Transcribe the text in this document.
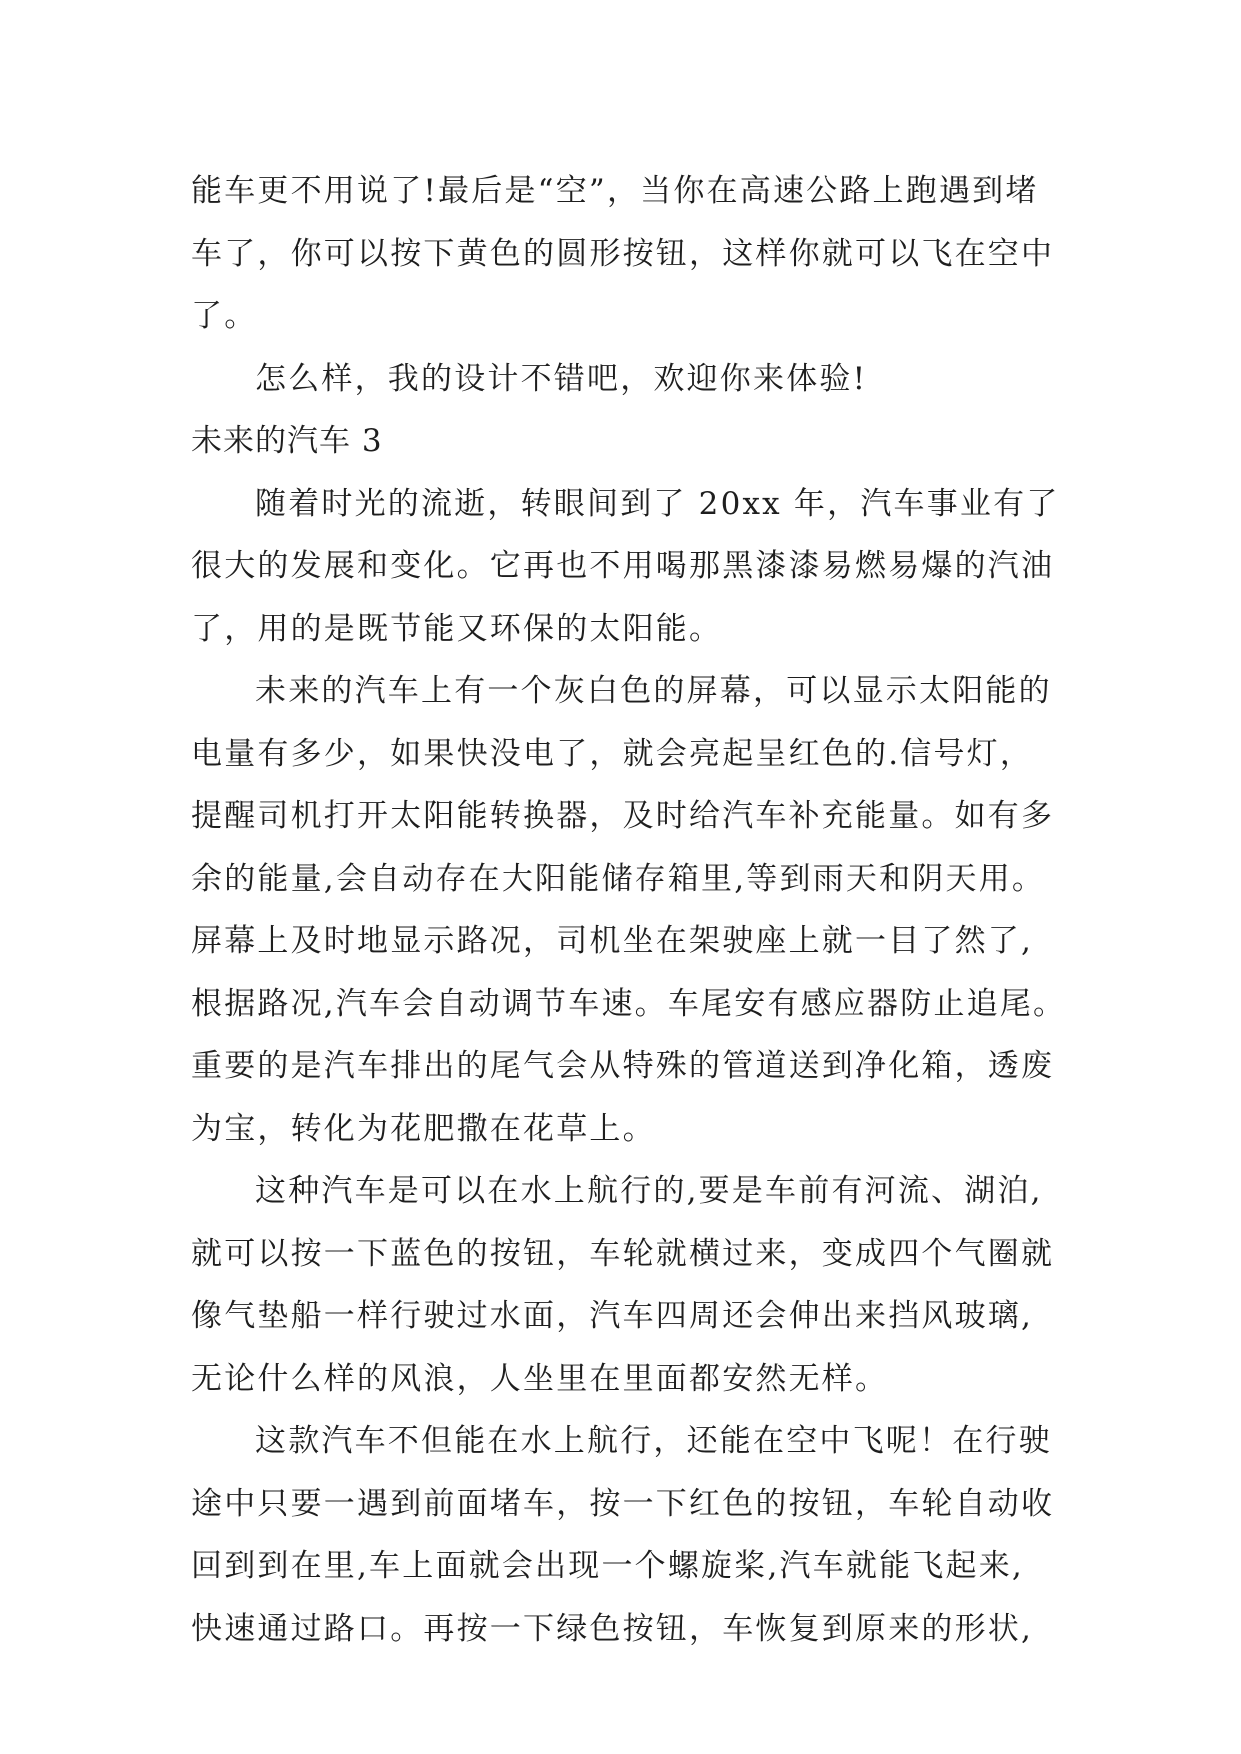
能车更不用说了!最后是“空”，当你在高速公路上跑遇到堵
车了，你可以按下黄色的圆形按钮，这样你就可以飞在空中
了。
怎么样，我的设计不错吧，欢迎你来体验!
未来的汽车 3
随着时光的流逝，转眼间到了 20xx 年，汽车事业有了
很大的发展和变化。它再也不用喝那黑漆漆易燃易爆的汽油
了，用的是既节能又环保的太阳能。
未来的汽车上有一个灰白色的屏幕，可以显示太阳能的
电量有多少，如果快没电了，就会亮起呈红色的.信号灯，
提醒司机打开太阳能转换器，及时给汽车补充能量。如有多
余的能量,会自动存在大阳能储存箱里,等到雨天和阴天用。
屏幕上及时地显示路况，司机坐在架驶座上就一目了然了,
根据路况,汽车会自动调节车速。车尾安有感应器防止追尾。
重要的是汽车排出的尾气会从特殊的管道送到净化箱，透废
为宝，转化为花肥撒在花草上。
这种汽车是可以在水上航行的,要是车前有河流、湖泊,
就可以按一下蓝色的按钮，车轮就横过来，变成四个气圈就
像气垫船一样行驶过水面，汽车四周还会伸出来挡风玻璃,
无论什么样的风浪，人坐里在里面都安然无样。
这款汽车不但能在水上航行，还能在空中飞呢！在行驶
途中只要一遇到前面堵车，按一下红色的按钮，车轮自动收
回到到在里,车上面就会出现一个螺旋桨,汽车就能飞起来,
快速通过路口。再按一下绿色按钮，车恢复到原来的形状,
